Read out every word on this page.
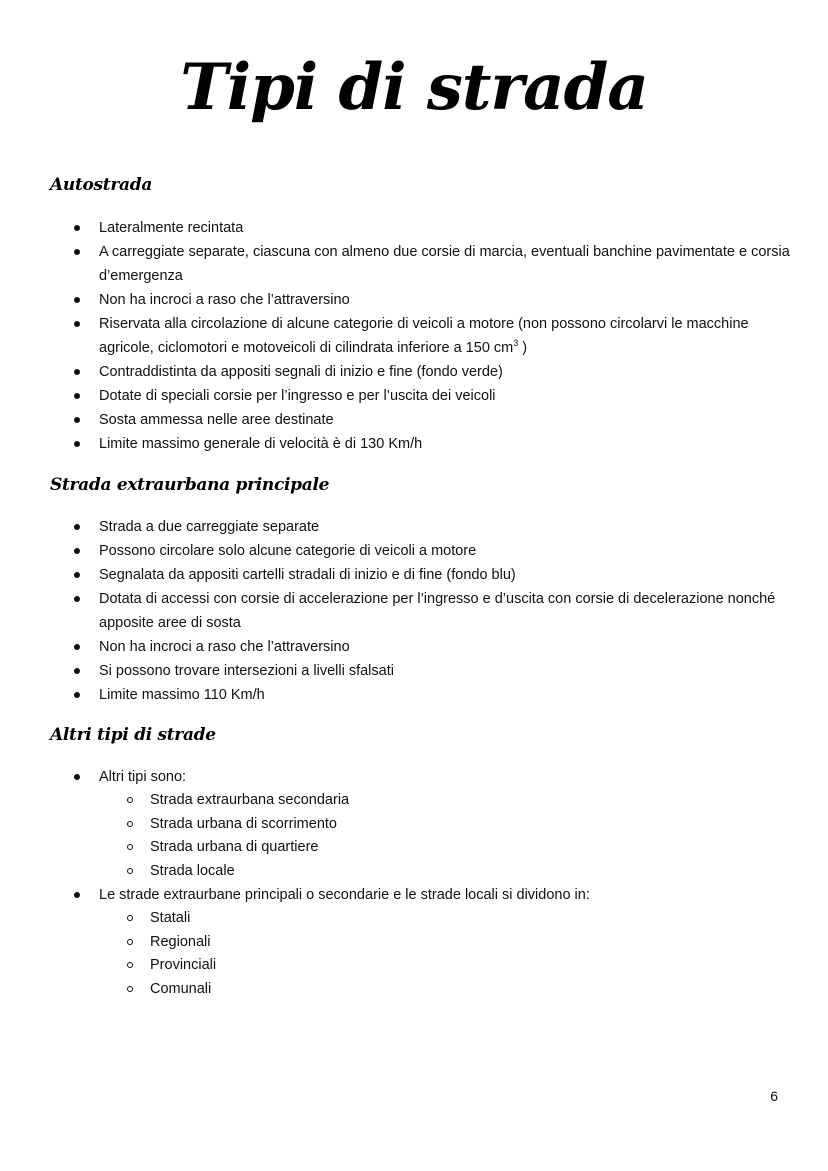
Tipi di strada
Autostrada
Lateralmente recintata
A carreggiate separate, ciascuna con almeno due corsie di marcia, eventuali banchine pavimentate e corsia d’emergenza
Non ha incroci a raso che l’attraversino
Riservata alla circolazione di alcune categorie di veicoli a motore (non possono circolarvi le macchine agricole, ciclomotori e motoveicoli di cilindrata inferiore a 150 $cm^3$ )
Contraddistinta da appositi segnali di inizio e fine (fondo verde)
Dotate di speciali corsie per l’ingresso e per l’uscita dei veicoli
Sosta ammessa nelle aree destinate
Limite massimo generale di velocità è di 130 Km/h
Strada extraurbana principale
Strada a due carreggiate separate
Possono circolare solo alcune categorie di veicoli a motore
Segnalata da appositi cartelli stradali di inizio e di fine (fondo blu)
Dotata di accessi con corsie di accelerazione per l’ingresso e d’uscita con corsie di decelerazione nonché apposite aree di sosta
Non ha incroci a raso che l’attraversino
Si possono trovare intersezioni a livelli sfalsati
Limite massimo 110 Km/h
Altri tipi di strade
Altri tipi sono:
Strada extraurbana secondaria
Strada urbana di scorrimento
Strada urbana di quartiere
Strada locale
Le strade extraurbane principali o secondarie e le strade locali si dividono in:
Statali
Regionali
Provinciali
Comunali
6
